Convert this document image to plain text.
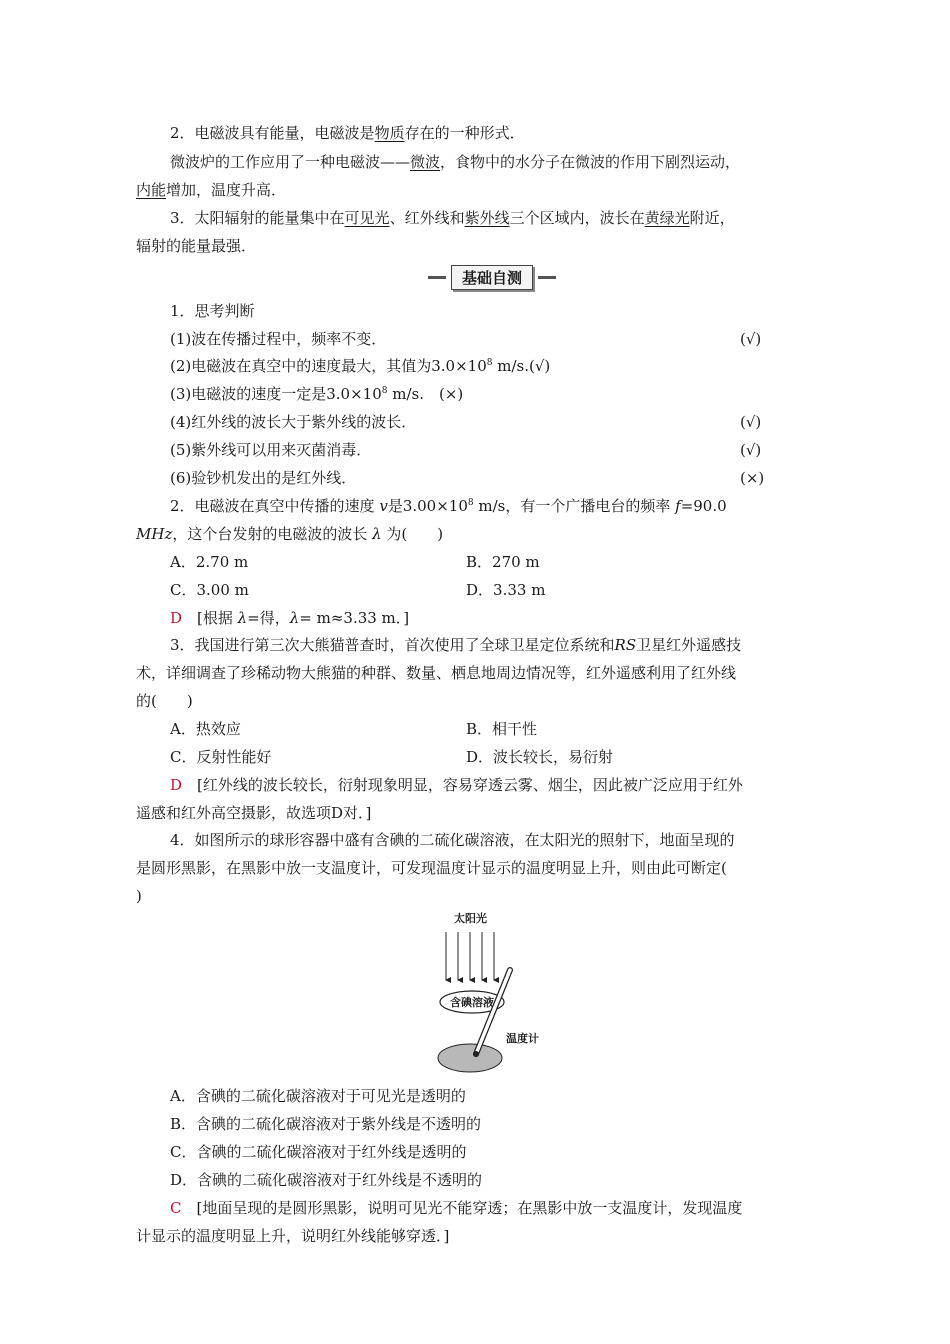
2．电磁波具有能量，电磁波是物质存在的一种形式．
微波炉的工作应用了一种电磁波——微波，食物中的水分子在微波的作用下剧烈运动，
内能增加，温度升高．
3．太阳辐射的能量集中在可见光、红外线和紫外线三个区域内，波长在黄绿光附近，
辐射的能量最强．
基础自测
1．思考判断
(1)波在传播过程中，频率不变．	(√)
(2)电磁波在真空中的速度最大，其值为$3.0\times 10^8$ m/s.(√)
(3)电磁波的速度一定是$3.0\times 10^8$ m/s.　(×)
(4)红外线的波长大于紫外线的波长．	(√)
(5)紫外线可以用来灭菌消毒．	(√)
(6)验钞机发出的是红外线．	(×)
2．电磁波在真空中传播的速度 v是$3.00\times 10^8$ m/s，有一个广播电台的频率 f=90.0
MHz，这个台发射的电磁波的波长 λ 为(　　)
A．2.70 m	B．270 m
C．3.00 m	D．3.33 m
D　[根据 λ=得，λ= m≈3.33 m．]
3．我国进行第三次大熊猫普查时，首次使用了全球卫星定位系统和RS卫星红外遥感技
术，详细调查了珍稀动物大熊猫的种群、数量、栖息地周边情况等，红外遥感利用了红外线
的(　　)
A．热效应	B．相干性
C．反射性能好	D．波长较长，易衍射
D　[红外线的波长较长，衍射现象明显，容易穿透云雾、烟尘，因此被广泛应用于红外
遥感和红外高空摄影，故选项D对．]
4．如图所示的球形容器中盛有含碘的二硫化碳溶液，在太阳光的照射下，地面呈现的
是圆形黑影，在黑影中放一支温度计，可发现温度计显示的温度明显上升，则由此可断定(
)
太阳光
含碘溶液
温度计
A．含碘的二硫化碳溶液对于可见光是透明的
B．含碘的二硫化碳溶液对于紫外线是不透明的
C．含碘的二硫化碳溶液对于红外线是透明的
D．含碘的二硫化碳溶液对于红外线是不透明的
C　[地面呈现的是圆形黑影，说明可见光不能穿透；在黑影中放一支温度计，发现温度
计显示的温度明显上升，说明红外线能够穿透．]
